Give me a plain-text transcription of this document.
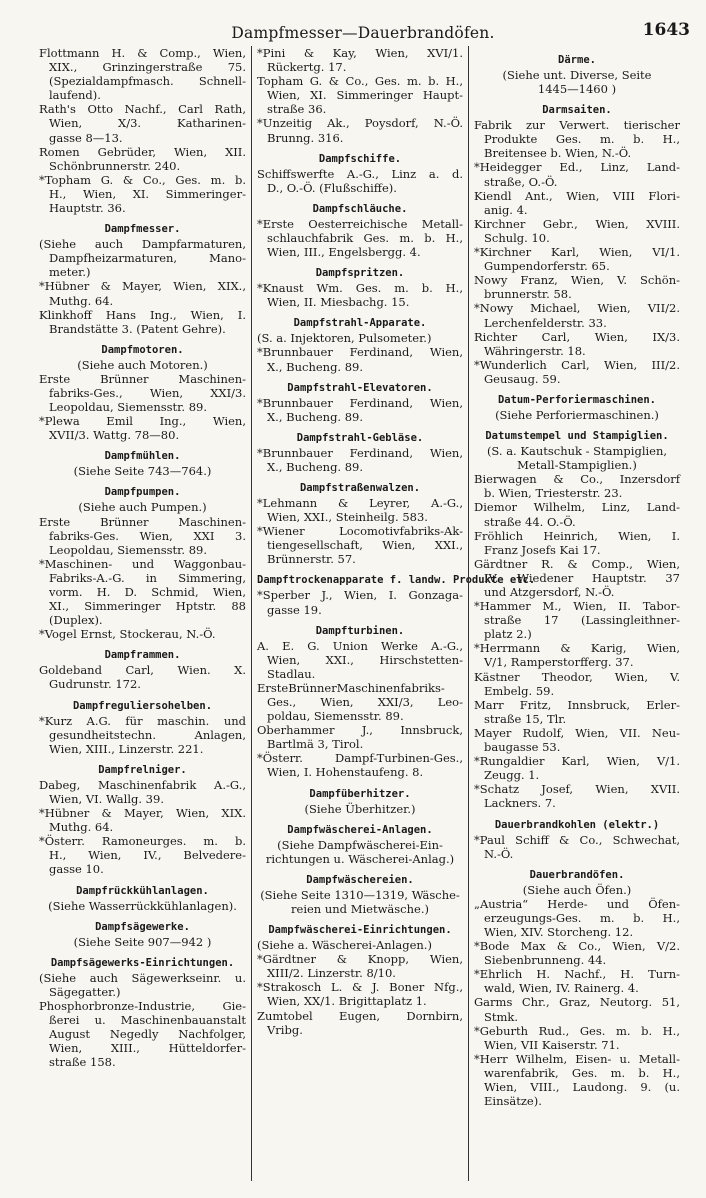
Dampfmesser—Dauerbrandöfen.	1643
Flottmann H. & Comp., Wien,
XIX., Grinzingerstraße 75.
(Spezialdampfmasch. Schnell-
laufend).
Rath's Otto Nachf., Carl Rath,
Wien, X/3. Katharinen-
gasse 8—13.
Romen Gebrüder, Wien, XII.
Schönbrunnerstr. 240.
*Topham G. & Co., Ges. m. b.
H., Wien, XI. Simmeringer-
Hauptstr. 36.
Dampfmesser.
(Siehe auch Dampfarmaturen,
Dampfheizarmaturen, Mano-
meter.)
*Hübner & Mayer, Wien, XIX.,
Muthg. 64.
Klinkhoff Hans Ing., Wien, I.
Brandstätte 3. (Patent Gehre).
Dampfmotoren.
(Siehe auch Motoren.)
Erste Brünner Maschinen-
fabriks-Ges., Wien, XXI/3.
Leopoldau, Siemensstr. 89.
*Plewa Emil Ing., Wien,
XVII/3. Wattg. 78—80.
Dampfmühlen.
(Siehe Seite 743—764.)
Dampfpumpen.
(Siehe auch Pumpen.)
Erste Brünner Maschinen-
fabriks-Ges. Wien, XXI 3.
Leopoldau, Siemensstr. 89.
*Maschinen- und Waggonbau-
Fabriks-A.-G. in Simmering,
vorm. H. D. Schmid, Wien,
XI., Simmeringer Hptstr. 88
(Duplex).
*Vogel Ernst, Stockerau, N.-Ö.
Dampframmen.
Goldeband Carl, Wien. X.
Gudrunstr. 172.
Dampfreguliersohelben.
*Kurz A.G. für maschin. und
gesundheitstechn. Anlagen,
Wien, XIII., Linzerstr. 221.
Dampfrelniger.
Dabeg, Maschinenfabrik A.-G.,
Wien, VI. Wallg. 39.
*Hübner & Mayer, Wien, XIX.
Muthg. 64.
*Österr. Ramoneurges. m. b.
H., Wien, IV., Belvedere-
gasse 10.
Dampfrückkühlanlagen.
(Siehe Wasserrückkühlanlagen).
Dampfsägewerke.
(Siehe Seite 907—942 )
Dampfsägewerks-Einrichtungen.
(Siehe auch Sägewerkseinr. u.
Sägegatter.)
Phosphorbronze-Industrie, Gie-
ßerei u. Maschinenbauanstalt
August Negedly Nachfolger,
Wien, XIII., Hütteldorfer-
straße 158.
*Pini & Kay, Wien, XVI/1.
Rückertg. 17.
Topham G. & Co., Ges. m. b. H.,
Wien, XI. Simmeringer Haupt-
straße 36.
*Unzeitig Ak., Poysdorf, N.-Ö.
Brunng. 316.
Dampfschiffe.
Schiffswerfte A.-G., Linz a. d.
D., O.-Ö. (Flußschiffe).
Dampfschläuche.
*Erste Oesterreichische Metall-
schlauchfabrik Ges. m. b. H.,
Wien, III., Engelsbergg. 4.
Dampfspritzen.
*Knaust Wm. Ges. m. b. H.,
Wien, II. Miesbachg. 15.
Dampfstrahl-Apparate.
(S. a. Injektoren, Pulsometer.)
*Brunnbauer Ferdinand, Wien,
X., Bucheng. 89.
Dampfstrahl-Elevatoren.
*Brunnbauer Ferdinand, Wien,
X., Bucheng. 89.
Dampfstrahl-Gebläse.
*Brunnbauer Ferdinand, Wien,
X., Bucheng. 89.
Dampfstraßenwalzen.
*Lehmann & Leyrer, A.-G.,
Wien, XXI., Steinheilg. 583.
*Wiener Locomotivfabriks-Ak-
tiengesellschaft, Wien, XXI.,
Brünnerstr. 57.
Dampftrockenapparate f. landw. Produkte etc.
*Sperber J., Wien, I. Gonzaga-
gasse 19.
Dampfturbinen.
A. E. G. Union Werke A.-G.,
Wien, XXI., Hirschstetten-
Stadlau.
ErsteBrünnerMaschinenfabriks-
Ges., Wien, XXI/3, Leo-
poldau, Siemensstr. 89.
Oberhammer J., Innsbruck,
Bartlmä 3, Tirol.
*Österr. Dampf-Turbinen-Ges.,
Wien, I. Hohenstaufeng. 8.
Dampfüberhitzer.
(Siehe Überhitzer.)
Dampfwäscherei-Anlagen.
(Siehe Dampfwäscherei-Ein-
richtungen u. Wäscherei-Anlag.)
Dampfwäschereien.
(Siehe Seite 1310—1319, Wäsche-
reien und Mietwäsche.)
Dampfwäscherei-Einrichtungen.
(Siehe a. Wäscherei-Anlagen.)
*Gärdtner & Knopp, Wien,
XIII/2. Linzerstr. 8/10.
*Strakosch L. & J. Boner Nfg.,
Wien, XX/1. Brigittaplatz 1.
Zumtobel Eugen, Dornbirn,
Vribg.
Därme.
(Siehe unt. Diverse, Seite
1445—1460 )
Darmsaiten.
Fabrik zur Verwert. tierischer
Produkte Ges. m. b. H.,
Breitensee b. Wien, N.-Ö.
*Heidegger Ed., Linz, Land-
straße, O.-Ö.
Kiendl Ant., Wien, VIII Flori-
anig. 4.
Kirchner Gebr., Wien, XVIII.
Schulg. 10.
*Kirchner Karl, Wien, VI/1.
Gumpendorferstr. 65.
Nowy Franz, Wien, V. Schön-
brunnerstr. 58.
*Nowy Michael, Wien, VII/2.
Lerchenfelderstr. 33.
Richter Carl, Wien, IX/3.
Währingerstr. 18.
*Wunderlich Carl, Wien, III/2.
Geusaug. 59.
Datum-Perforiermaschinen.
(Siehe Perforiermaschinen.)
Datumstempel und Stampiglien.
(S. a. Kautschuk - Stampiglien,
Metall-Stampiglien.)
Bierwagen & Co., Inzersdorf
b. Wien, Triesterstr. 23.
Diemor Wilhelm, Linz, Land-
straße 44. O.-Ö.
Fröhlich Heinrich, Wien, I.
Franz Josefs Kai 17.
Gärdtner R. & Comp., Wien,
IV. Wiedener Hauptstr. 37
und Atzgersdorf, N.-Ö.
*Hammer M., Wien, II. Tabor-
straße 17 (Lassingleithner-
platz 2.)
*Herrmann & Karig, Wien,
V/1, Ramperstorfferg. 37.
Kästner Theodor, Wien, V.
Embelg. 59.
Marr Fritz, Innsbruck, Erler-
straße 15, Tlr.
Mayer Rudolf, Wien, VII. Neu-
baugasse 53.
*Rungaldier Karl, Wien, V/1.
Zeugg. 1.
*Schatz Josef, Wien, XVII.
Lackners. 7.
Dauerbrandkohlen (elektr.)
*Paul Schiff & Co., Schwechat,
N.-Ö.
Dauerbrandöfen.
(Siehe auch Öfen.)
„Austria“ Herde- und Öfen-
erzeugungs-Ges. m. b. H.,
Wien, XIV. Storcheng. 12.
*Bode Max & Co., Wien, V/2.
Siebenbrunneng. 44.
*Ehrlich H. Nachf., H. Turn-
wald, Wien, IV. Rainerg. 4.
Garms Chr., Graz, Neutorg. 51,
Stmk.
*Geburth Rud., Ges. m. b. H.,
Wien, VII Kaiserstr. 71.
*Herr Wilhelm, Eisen- u. Metall-
warenfabrik, Ges. m. b. H.,
Wien, VIII., Laudong. 9. (u.
Einsätze).
